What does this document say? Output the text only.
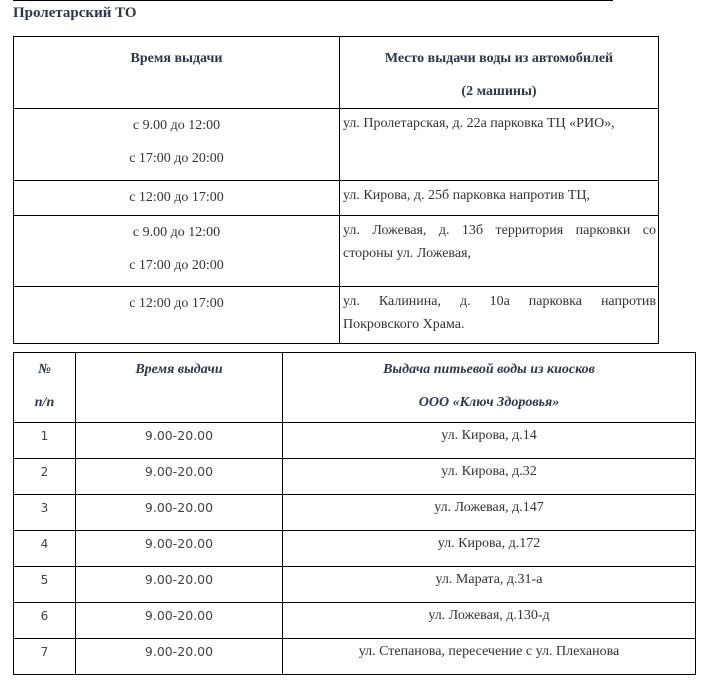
Пролетарский ТО
Время выдачи	Место выдачи воды из автомобилей
(2 машины)

с 9.00 до 12:00
с 17:00 до 20:00	ул. Пролетарская, д. 22а парковка ТЦ «РИО»,

с 12:00 до 17:00	ул. Кирова, д. 25б парковка напротив ТЦ,

с 9.00 до 12:00
с 17:00 до 20:00	ул. Ложевая, д. 13б территория парковки со
стороны ул. Ложевая,

с 12:00 до 17:00	ул. Калинина, д. 10а парковка напротив
Покровского Храма.
№
п/п	Время выдачи	Выдача питьевой воды из киосков
ООО «Ключ Здоровья»

1	9.00-20.00	ул. Кирова, д.14
2	9.00-20.00	ул. Кирова, д.32
3	9.00-20.00	ул. Ложевая, д.147
4	9.00-20.00	ул. Кирова, д.172
5	9.00-20.00	ул. Марата, д.31-а
6	9.00-20.00	ул. Ложевая, д.130-д
7	9.00-20.00	ул. Степанова, пересечение с ул. Плеханова
